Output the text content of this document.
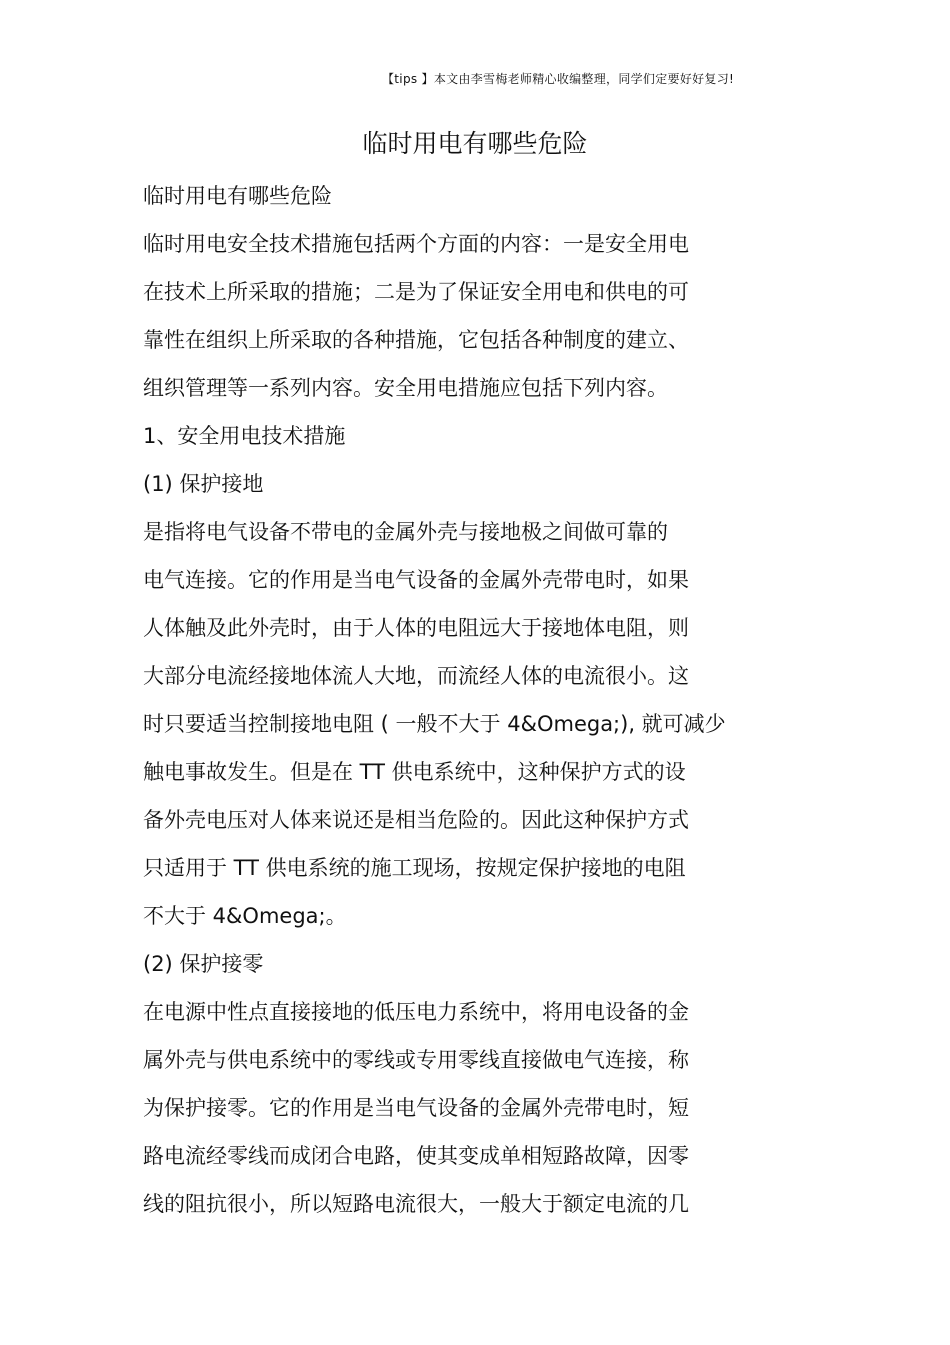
【tips 】本文由李雪梅老师精心收编整理，同学们定要好好复习!
临时用电有哪些危险
临时用电有哪些危险
临时用电安全技术措施包括两个方面的内容：一是安全用电
在技术上所采取的措施；二是为了保证安全用电和供电的可
靠性在组织上所采取的各种措施，它包括各种制度的建立、
组织管理等一系列内容。安全用电措施应包括下列内容。
1、安全用电技术措施
(1) 保护接地
是指将电气设备不带电的金属外壳与接地极之间做可靠的
电气连接。它的作用是当电气设备的金属外壳带电时，如果
人体触及此外壳时，由于人体的电阻远大于接地体电阻，则
大部分电流经接地体流人大地，而流经人体的电流很小。这
时只要适当控制接地电阻 ( 一般不大于 4&Omega;), 就可减少
触电事故发生。但是在 TT 供电系统中，这种保护方式的设
备外壳电压对人体来说还是相当危险的。因此这种保护方式
只适用于 TT 供电系统的施工现场，按规定保护接地的电阻
不大于 4&Omega;。
(2) 保护接零
在电源中性点直接接地的低压电力系统中，将用电设备的金
属外壳与供电系统中的零线或专用零线直接做电气连接，称
为保护接零。它的作用是当电气设备的金属外壳带电时，短
路电流经零线而成闭合电路，使其变成单相短路故障，因零
线的阻抗很小，所以短路电流很大，一般大于额定电流的几
